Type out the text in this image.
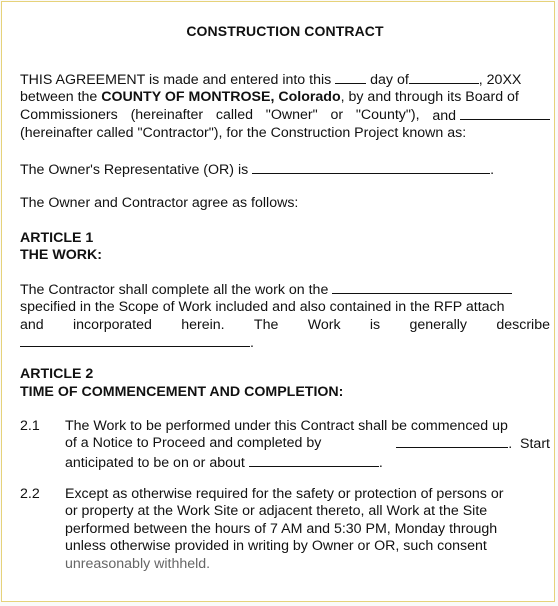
CONSTRUCTION CONTRACT
THIS AGREEMENT is made and entered into this	day of	, 20XX
between the COUNTY OF MONTROSE, Colorado, by and through its Board of
Commissioners (hereinafter called "Owner" or "County"), and
(hereinafter called "Contractor"), for the Construction Project known as:
The Owner's Representative (OR) is	.
The Owner and Contractor agree as follows:
ARTICLE 1
THE WORK:
The Contractor shall complete all the work on the
specified in the Scope of Work included and also contained in the RFP attach
and incorporated herein. The Work is generally describe
.
ARTICLE 2
TIME OF COMMENCEMENT AND COMPLETION:
2.1 The Work to be performed under this Contract shall be commenced up
of a Notice to Proceed and completed by	. Start
anticipated to be on or about	.
2.2 Except as otherwise required for the safety or protection of persons or
or property at the Work Site or adjacent thereto, all Work at the Site
performed between the hours of 7 AM and 5:30 PM, Monday through
unless otherwise provided in writing by Owner or OR, such consent
unreasonably withheld.
